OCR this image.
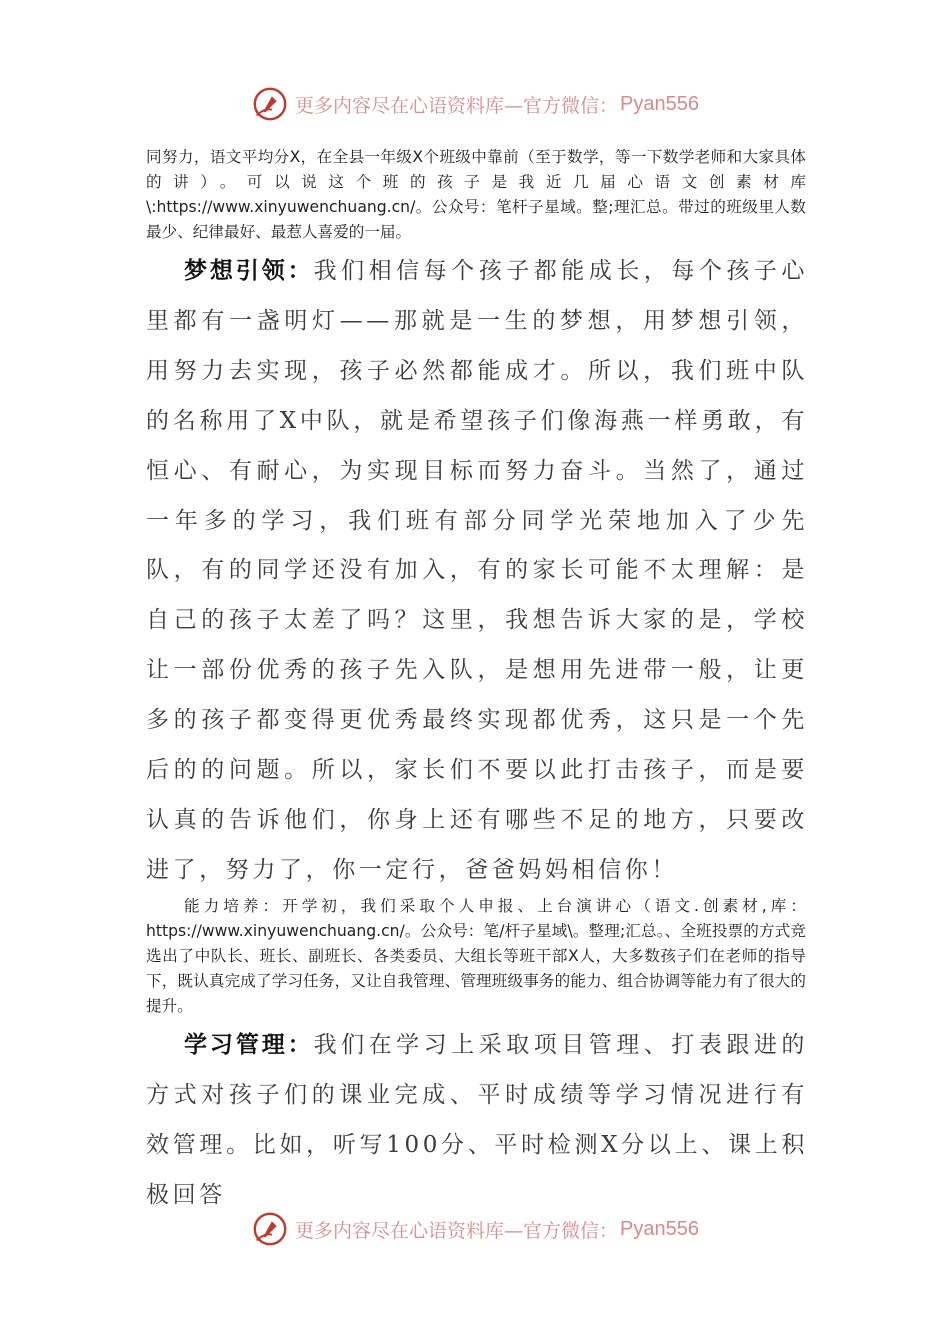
更多内容尽在心语资料库—官方微信： Pyan556

同努力，语文平均分X，在全县一年级X个班级中靠前（至于数学，等一下数学老师和大家具体的讲）。可以说这个班的孩子是我近几届心语文创素材库\:https://www.xinyuwenchuang.cn/。公众号：笔杆子星域。整;理汇总。带过的班级里人数最少、纪律最好、最惹人喜爱的一届。

梦想引领：我们相信每个孩子都能成长，每个孩子心里都有一盏明灯——那就是一生的梦想，用梦想引领，用努力去实现，孩子必然都能成才。所以，我们班中队的名称用了X中队，就是希望孩子们像海燕一样勇敢，有恒心、有耐心，为实现目标而努力奋斗。当然了，通过一年多的学习，我们班有部分同学光荣地加入了少先队，有的同学还没有加入，有的家长可能不太理解：是自己的孩子太差了吗？这里，我想告诉大家的是，学校让一部份优秀的孩子先入队，是想用先进带一般，让更多的孩子都变得更优秀最终实现都优秀，这只是一个先后的的问题。所以，家长们不要以此打击孩子，而是要认真的告诉他们，你身上还有哪些不足的地方，只要改进了，努力了，你一定行，爸爸妈妈相信你！

能力培养：开学初，我们采取个人申报、上台演讲心（语文.创素材,库：https://www.xinyuwenchuang.cn/。公众号：笔/杆子星域\。整理;汇总。、全班投票的方式竞选出了中队长、班长、副班长、各类委员、大组长等班干部X人，大多数孩子们在老师的指导下，既认真完成了学习任务，又让自我管理、管理班级事务的能力、组合协调等能力有了很大的提升。

学习管理：我们在学习上采取项目管理、打表跟进的方式对孩子们的课业完成、平时成绩等学习情况进行有效管理。比如，听写100分、平时检测X分以上、课上积极回答

更多内容尽在心语资料库—官方微信： Pyan556
